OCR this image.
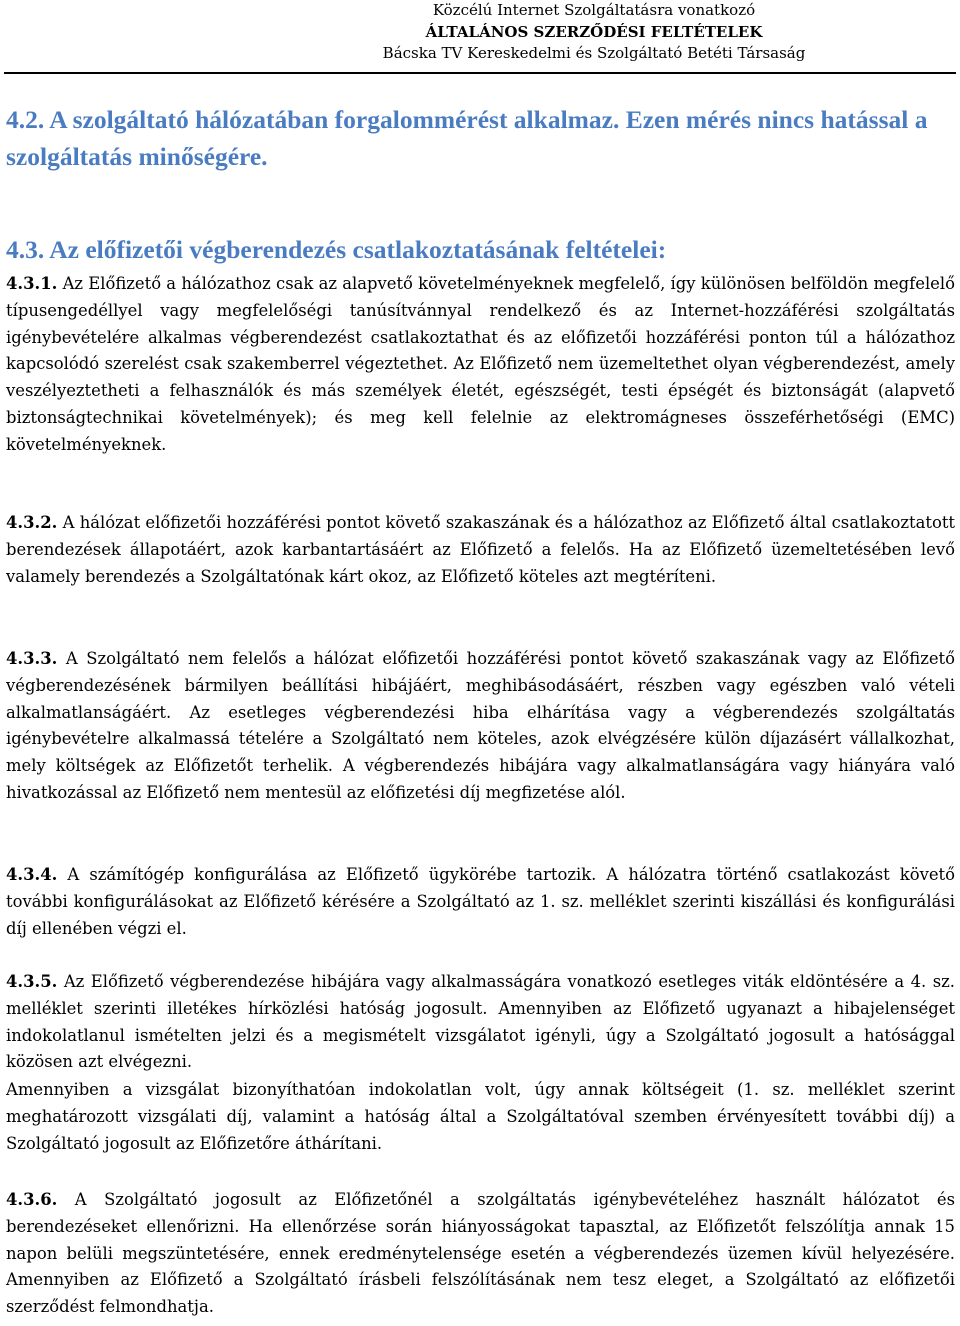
Közcélú Internet Szolgáltatásra vonatkozó
ÁLTALÁNOS SZERZŐDÉSI FELTÉTELEK
Bácska TV Kereskedelmi és Szolgáltató Betéti Társaság
4.2. A szolgáltató hálózatában forgalommérést alkalmaz. Ezen mérés nincs hatással a szolgáltatás minőségére.
4.3. Az előfizetői végberendezés csatlakoztatásának feltételei:

4.3.1. Az Előfizető a hálózathoz csak az alapvető követelményeknek megfelelő, így különösen belföldön megfelelő típusengedéllyel vagy megfelelőségi tanúsítvánnyal rendelkező és az Internet-hozzáférési szolgáltatás igénybevételére alkalmas végberendezést csatlakoztathat és az előfizetői hozzáférési ponton túl a hálózathoz kapcsolódó szerelést csak szakemberrel végeztethet. Az Előfizető nem üzemeltethet olyan végberendezést, amely veszélyeztetheti a felhasználók és más személyek életét, egészségét, testi épségét és biztonságát (alapvető biztonságtechnikai követelmények); és meg kell felelnie az elektromágneses összeférhetőségi (EMC) követelményeknek.

4.3.2. A hálózat előfizetői hozzáférési pontot követő szakaszának és a hálózathoz az Előfizető által csatlakoztatott berendezések állapotáért, azok karbantartásáért az Előfizető a felelős. Ha az Előfizető üzemeltetésében levő valamely berendezés a Szolgáltatónak kárt okoz, az Előfizető köteles azt megtéríteni.

4.3.3. A Szolgáltató nem felelős a hálózat előfizetői hozzáférési pontot követő szakaszának vagy az Előfizető végberendezésének bármilyen beállítási hibájáért, meghibásodásáért, részben vagy egészben való vételi alkalmatlanságáért. Az esetleges végberendezési hiba elhárítása vagy a végberendezés szolgáltatás igénybevételre alkalmassá tételére a Szolgáltató nem köteles, azok elvégzésére külön díjazásért vállalkozhat, mely költségek az Előfizetőt terhelik. A végberendezés hibájára vagy alkalmatlanságára vagy hiányára való hivatkozással az Előfizető nem mentesül az előfizetési díj megfizetése alól.

4.3.4. A számítógép konfigurálása az Előfizető ügykörébe tartozik. A hálózatra történő csatlakozást követő további konfigurálásokat az Előfizető kérésére a Szolgáltató az 1. sz. melléklet szerinti kiszállási és konfigurálási díj ellenében végzi el.

4.3.5. Az Előfizető végberendezése hibájára vagy alkalmasságára vonatkozó esetleges viták eldöntésére a 4. sz. melléklet szerinti illetékes hírközlési hatóság jogosult. Amennyiben az Előfizető ugyanazt a hibajelenséget indokolatlanul ismételten jelzi és a megismételt vizsgálatot igényli, úgy a Szolgáltató jogosult a hatósággal közösen azt elvégezni.

Amennyiben a vizsgálat bizonyíthatóan indokolatlan volt, úgy annak költségeit (1. sz. melléklet szerint meghatározott vizsgálati díj, valamint a hatóság által a Szolgáltatóval szemben érvényesített további díj) a Szolgáltató jogosult az Előfizetőre áthárítani.

4.3.6. A Szolgáltató jogosult az Előfizetőnél a szolgáltatás igénybevételéhez használt hálózatot és berendezéseket ellenőrizni. Ha ellenőrzése során hiányosságokat tapasztal, az Előfizetőt felszólítja annak 15 napon belüli megszüntetésére, ennek eredménytelensége esetén a végberendezés üzemen kívül helyezésére. Amennyiben az Előfizető a Szolgáltató írásbeli felszólításának nem tesz eleget, a Szolgáltató az előfizetői szerződést felmondhatja.
